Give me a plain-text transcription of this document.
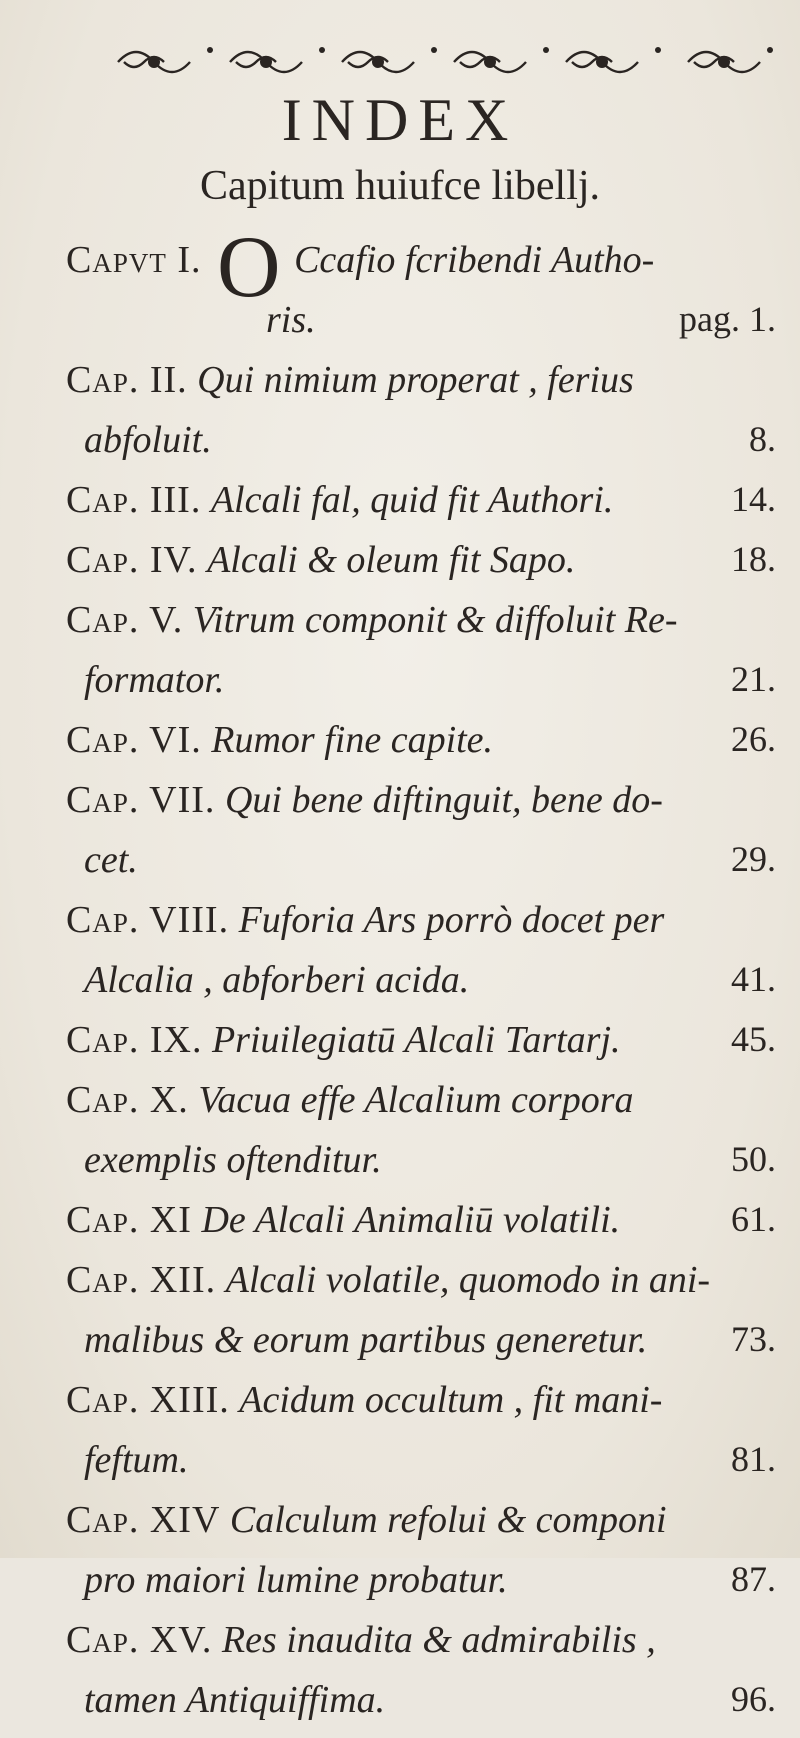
INDEX
Capitum huiufce libellj.
Capvt I. O Ccafio fcribendi Autho-
ris.	pag. 1.
Cap. II. Qui nimium properat , ferius
abfoluit.	8.
Cap. III. Alcali fal, quid fit Authori.	14.
Cap. IV. Alcali & oleum fit Sapo.	18.
Cap. V. Vitrum componit & diffoluit Re-
formator.	21.
Cap. VI. Rumor fine capite.	26.
Cap. VII. Qui bene diftinguit, bene do-
cet.	29.
Cap. VIII. Fuforia Ars porrò docet per
Alcalia , abforberi acida.	41.
Cap. IX. Priuilegiatū Alcali Tartarj.	45.
Cap. X. Vacua effe Alcalium corpora
exemplis oftenditur.	50.
Cap. XI De Alcali Animaliū volatili.	61.
Cap. XII. Alcali volatile, quomodo in ani-
malibus & eorum partibus generetur. 73.
Cap. XIII. Acidum occultum , fit mani-
feftum.	81.
Cap. XIV Calculum refolui & componi
pro maiori lumine probatur.	87.
Cap. XV. Res inaudita & admirabilis ,
tamen Antiquiffima.	96.
